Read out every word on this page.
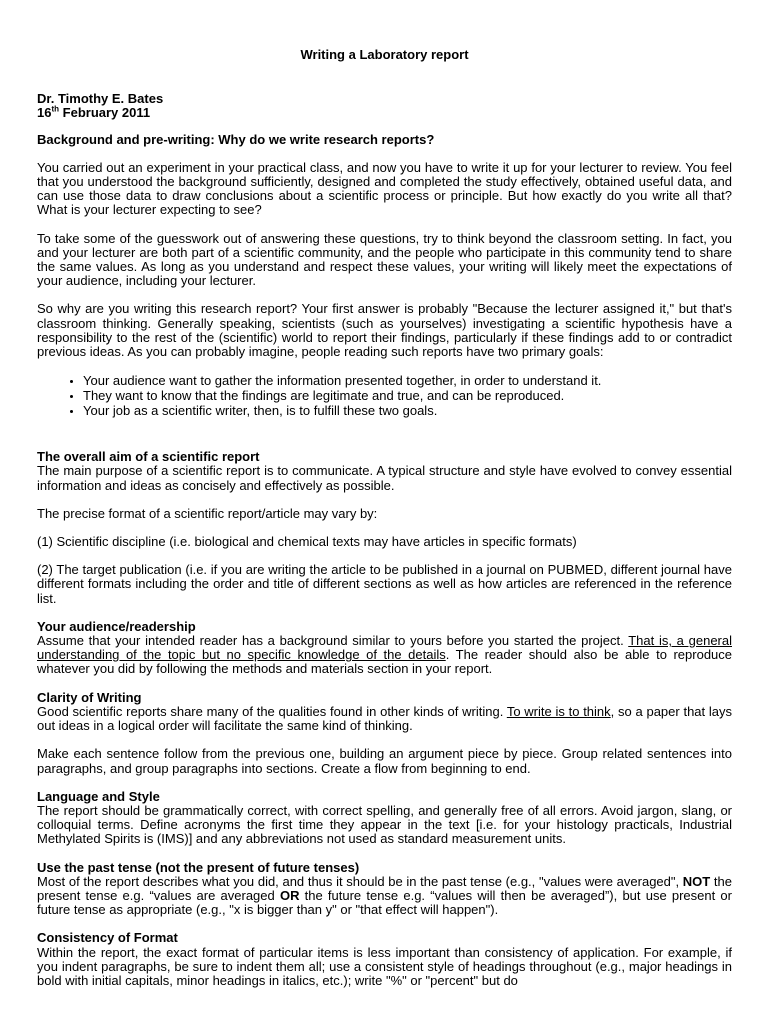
Writing a Laboratory report

Dr. Timothy E. Bates

16th February 2011

Background and pre-writing: Why do we write research reports?

You carried out an experiment in your practical class, and now you have to write it up for your lecturer to review. You feel that you understood the background sufficiently, designed and completed the study effectively, obtained useful data, and can use those data to draw conclusions about a scientific process or principle. But how exactly do you write all that? What is your lecturer expecting to see?

To take some of the guesswork out of answering these questions, try to think beyond the classroom setting. In fact, you and your lecturer are both part of a scientific community, and the people who participate in this community tend to share the same values. As long as you understand and respect these values, your writing will likely meet the expectations of your audience, including your lecturer.

So why are you writing this research report? Your first answer is probably "Because the lecturer assigned it," but that's classroom thinking. Generally speaking, scientists (such as yourselves) investigating a scientific hypothesis have a responsibility to the rest of the (scientific) world to report their findings, particularly if these findings add to or contradict previous ideas. As you can probably imagine, people reading such reports have two primary goals:

• Your audience want to gather the information presented together, in order to understand it.
• They want to know that the findings are legitimate and true, and can be reproduced.
• Your job as a scientific writer, then, is to fulfill these two goals.

The overall aim of a scientific report

The main purpose of a scientific report is to communicate. A typical structure and style have evolved to convey essential information and ideas as concisely and effectively as possible.

The precise format of a scientific report/article may vary by:

(1) Scientific discipline (i.e. biological and chemical texts may have articles in specific formats)

(2) The target publication (i.e. if you are writing the article to be published in a journal on PUBMED, different journal have different formats including the order and title of different sections as well as how articles are referenced in the reference list.

Your audience/readership

Assume that your intended reader has a background similar to yours before you started the project. That is, a general understanding of the topic but no specific knowledge of the details. The reader should also be able to reproduce whatever you did by following the methods and materials section in your report.

Clarity of Writing

Good scientific reports share many of the qualities found in other kinds of writing. To write is to think, so a paper that lays out ideas in a logical order will facilitate the same kind of thinking.

Make each sentence follow from the previous one, building an argument piece by piece. Group related sentences into paragraphs, and group paragraphs into sections. Create a flow from beginning to end.

Language and Style

The report should be grammatically correct, with correct spelling, and generally free of all errors. Avoid jargon, slang, or colloquial terms. Define acronyms the first time they appear in the text [i.e. for your histology practicals, Industrial Methylated Spirits is (IMS)] and any abbreviations not used as standard measurement units.

Use the past tense (not the present of future tenses)

Most of the report describes what you did, and thus it should be in the past tense (e.g., "values were averaged", NOT the present tense e.g. “values are averaged OR the future tense e.g. “values will then be averaged”), but use present or future tense as appropriate (e.g., "x is bigger than y" or "that effect will happen").

Consistency of Format

Within the report, the exact format of particular items is less important than consistency of application. For example, if you indent paragraphs, be sure to indent them all; use a consistent style of headings throughout (e.g., major headings in bold with initial capitals, minor headings in italics, etc.); write "%" or "percent" but do
